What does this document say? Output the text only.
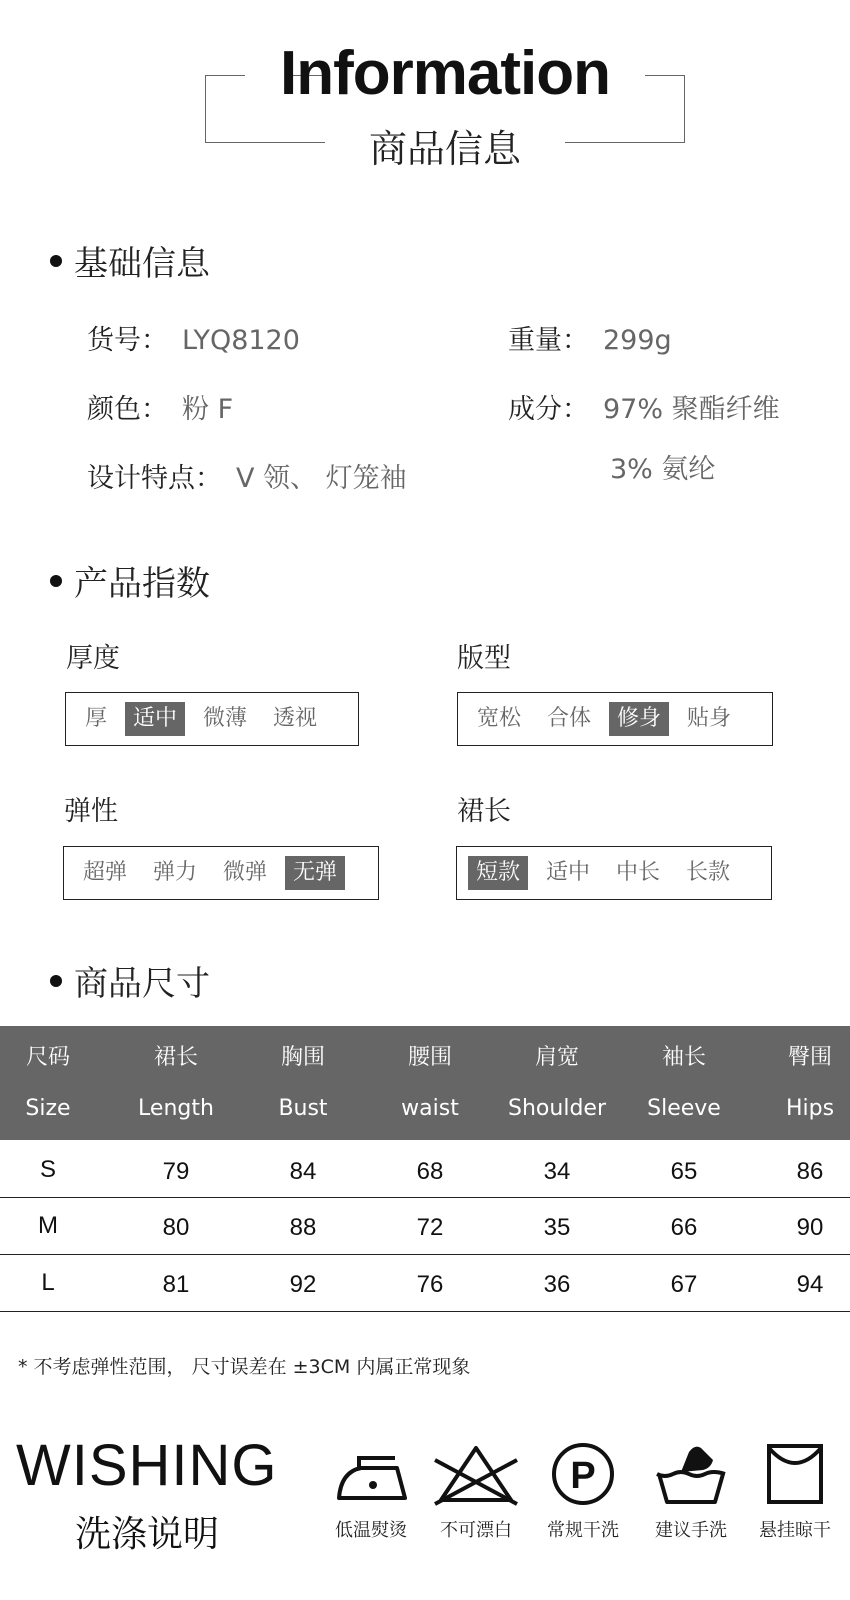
Information
商品信息
基础信息
货号： LYQ8120	重量： 299g
颜色： 粉 F	成分： 97% 聚酯纤维
3% 氨纶
设计特点： V 领、 灯笼袖
产品指数
厚度
厚	适中	微薄	透视
版型
宽松	合体	修身	贴身
弹性
超弹	弹力	微弹	无弹
裙长
短款	适中	中长	长款
商品尺寸
尺码	裙长	胸围	腰围	肩宽	袖长	臀围
Size	Length	Bust	waist	Shoulder	Sleeve	Hips
S	79	84	68	34	65	86
M	80	88	72	35	66	90
L	81	92	76	36	67	94
* 不考虑弹性范围， 尺寸误差在 ±3CM 内属正常现象
WISHING
洗涤说明	低温熨烫	不可漂白
P
常规干洗	建议手洗	悬挂晾干
